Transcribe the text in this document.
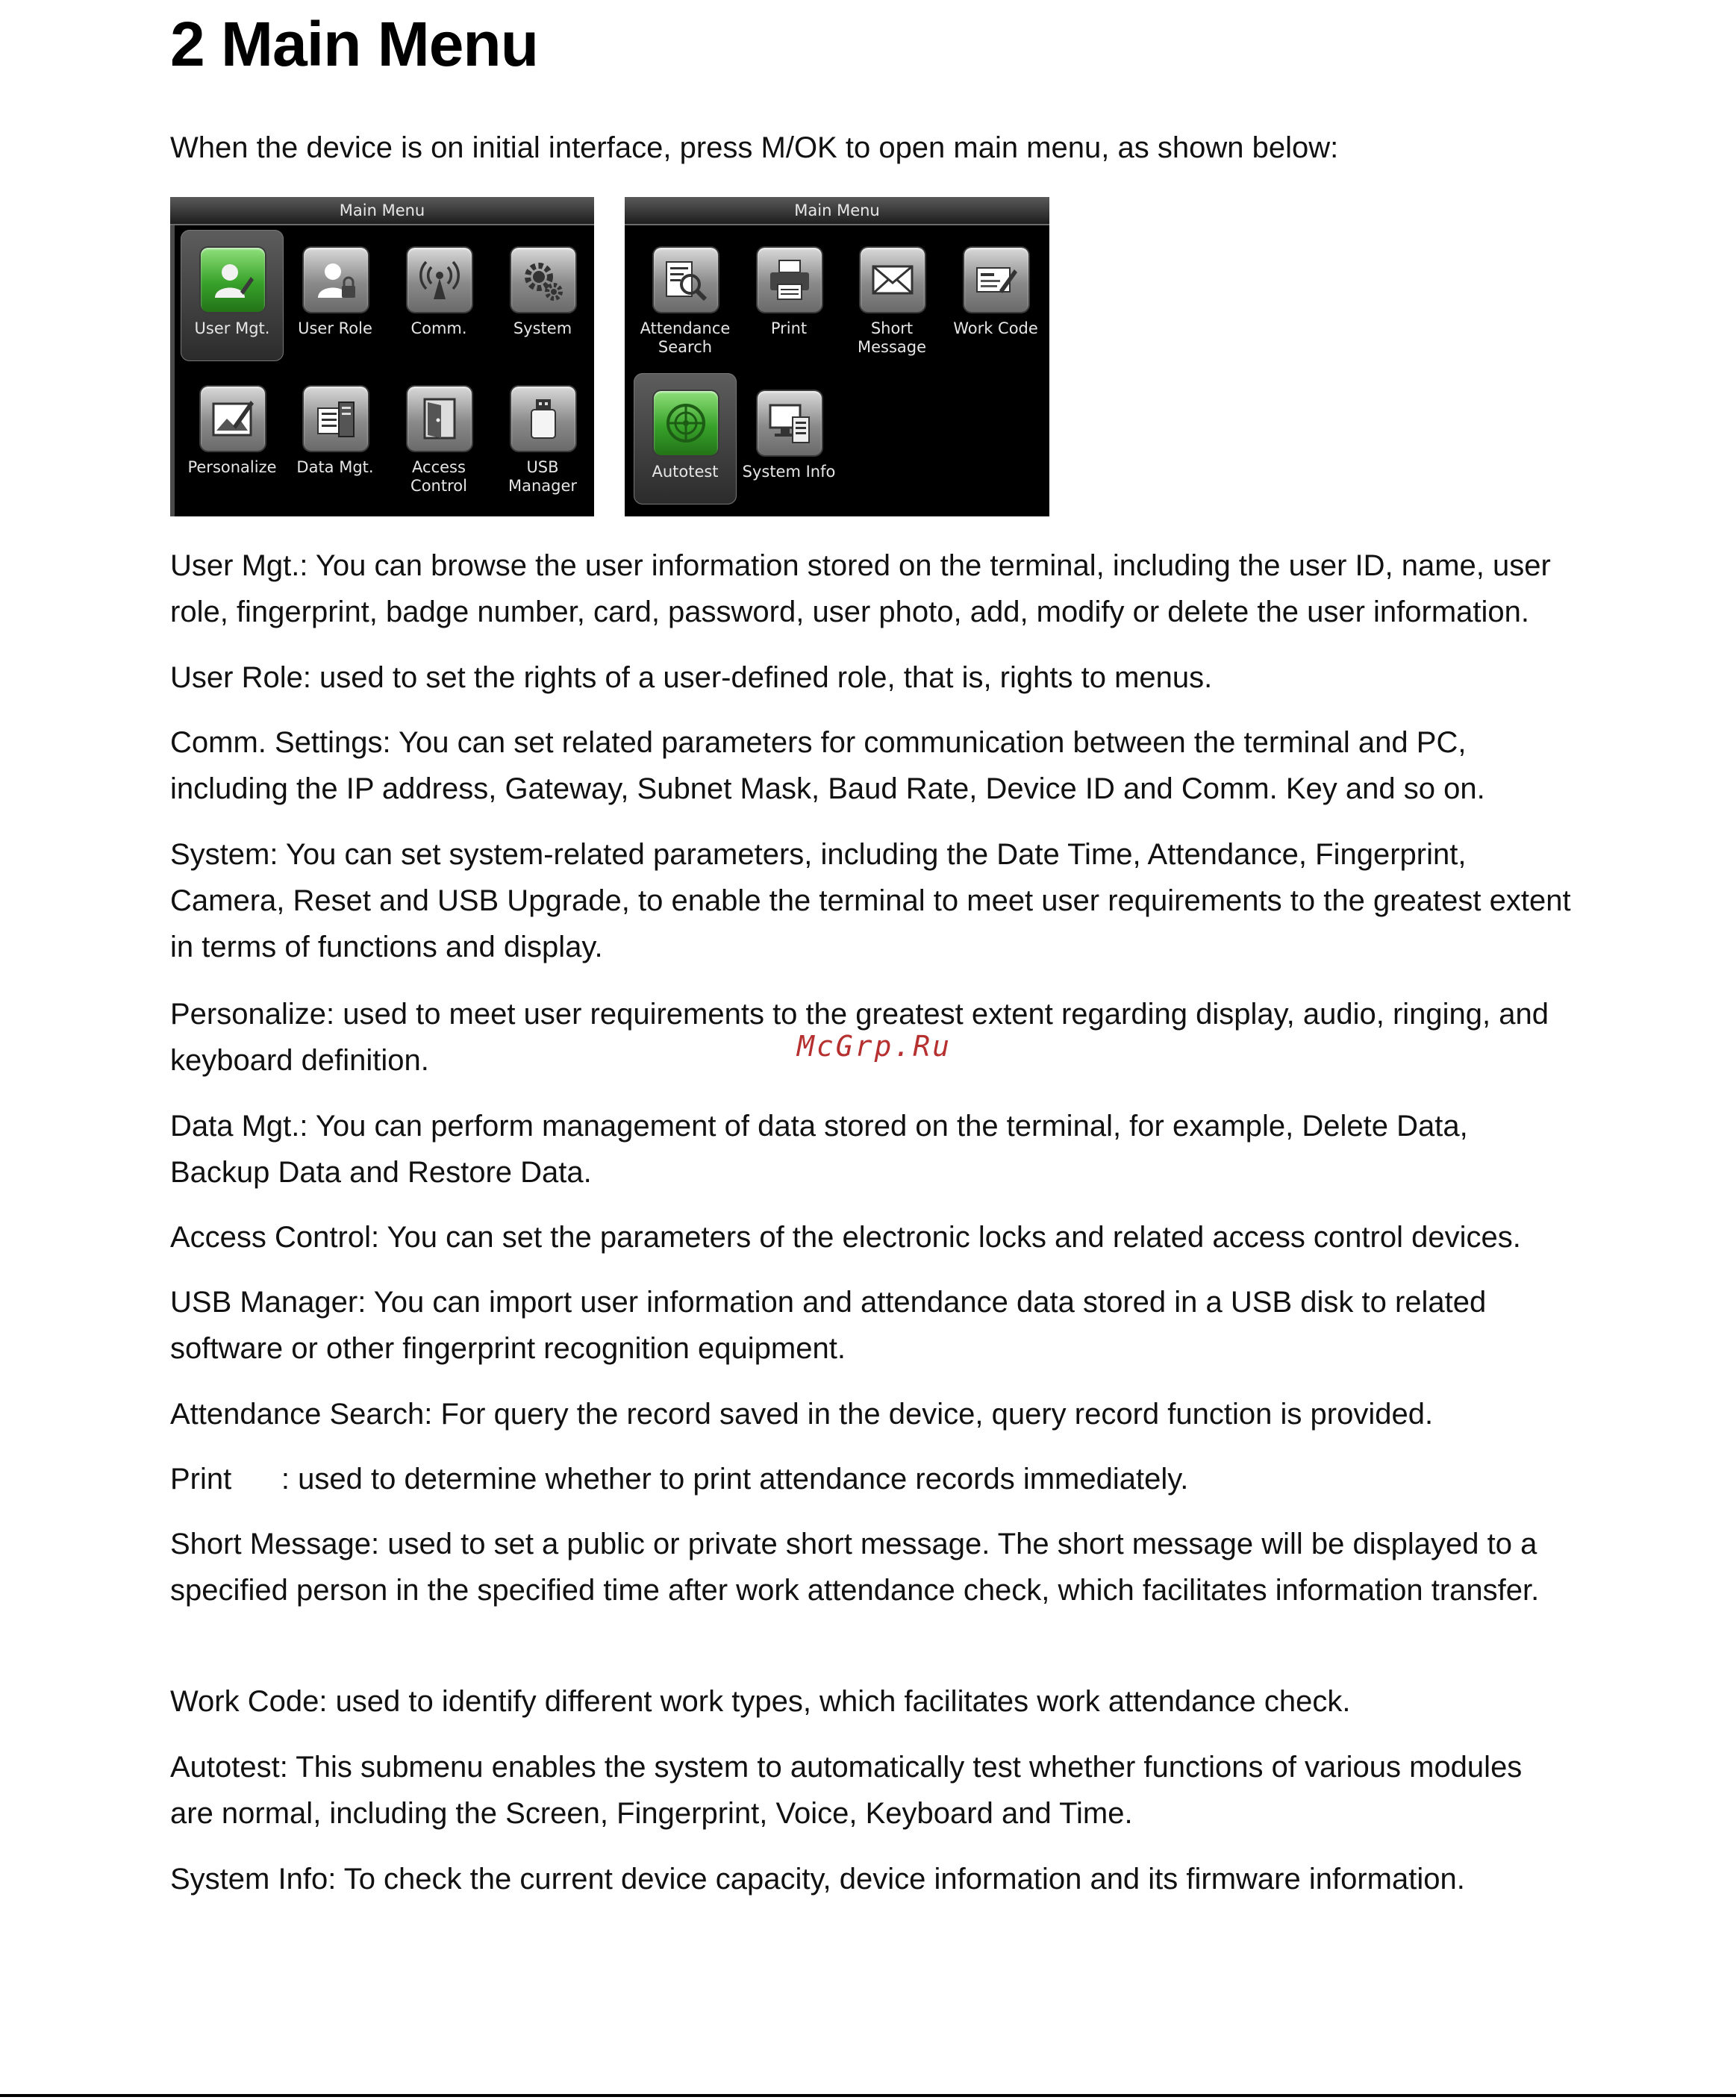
2 Main Menu

When the device is on initial interface, press M/OK to open main menu, as shown below:

Main Menu
User Mgt.	User Role	Comm.	System
Personalize	Data Mgt.	Access
Control
USB
Manager
Main Menu
Attendance
Search
Print	Short
Message
Work Code
Autotest	System Info

User Mgt.: You can browse the user information stored on the terminal, including the user ID, name, user role, fingerprint, badge number, card, password, user photo, add, modify or delete the user information.

User Role: used to set the rights of a user-defined role, that is, rights to menus.

Comm. Settings: You can set related parameters for communication between the terminal and PC, including the IP address, Gateway, Subnet Mask, Baud Rate, Device ID and Comm. Key and so on.

System: You can set system-related parameters, including the Date Time, Attendance, Fingerprint, Camera, Reset and USB Upgrade, to enable the terminal to meet user requirements to the greatest extent in terms of functions and display.

Personalize: used to meet user requirements to the greatest extent regarding display, audio, ringing, and keyboard definition.

Data Mgt.: You can perform management of data stored on the terminal, for example, Delete Data, Backup Data and Restore Data.

Access Control: You can set the parameters of the electronic locks and related access control devices.

USB Manager: You can import user information and attendance data stored in a USB disk to related software or other fingerprint recognition equipment.

Attendance Search: For query the record saved in the device, query record function is provided.

Print      : used to determine whether to print attendance records immediately.

Short Message: used to set a public or private short message. The short message will be displayed to a specified person in the specified time after work attendance check, which facilitates information transfer.

Work Code: used to identify different work types, which facilitates work attendance check.

Autotest: This submenu enables the system to automatically test whether functions of various modules are normal, including the Screen, Fingerprint, Voice, Keyboard and Time.

System Info: To check the current device capacity, device information and its firmware information.

McGrp.Ru
